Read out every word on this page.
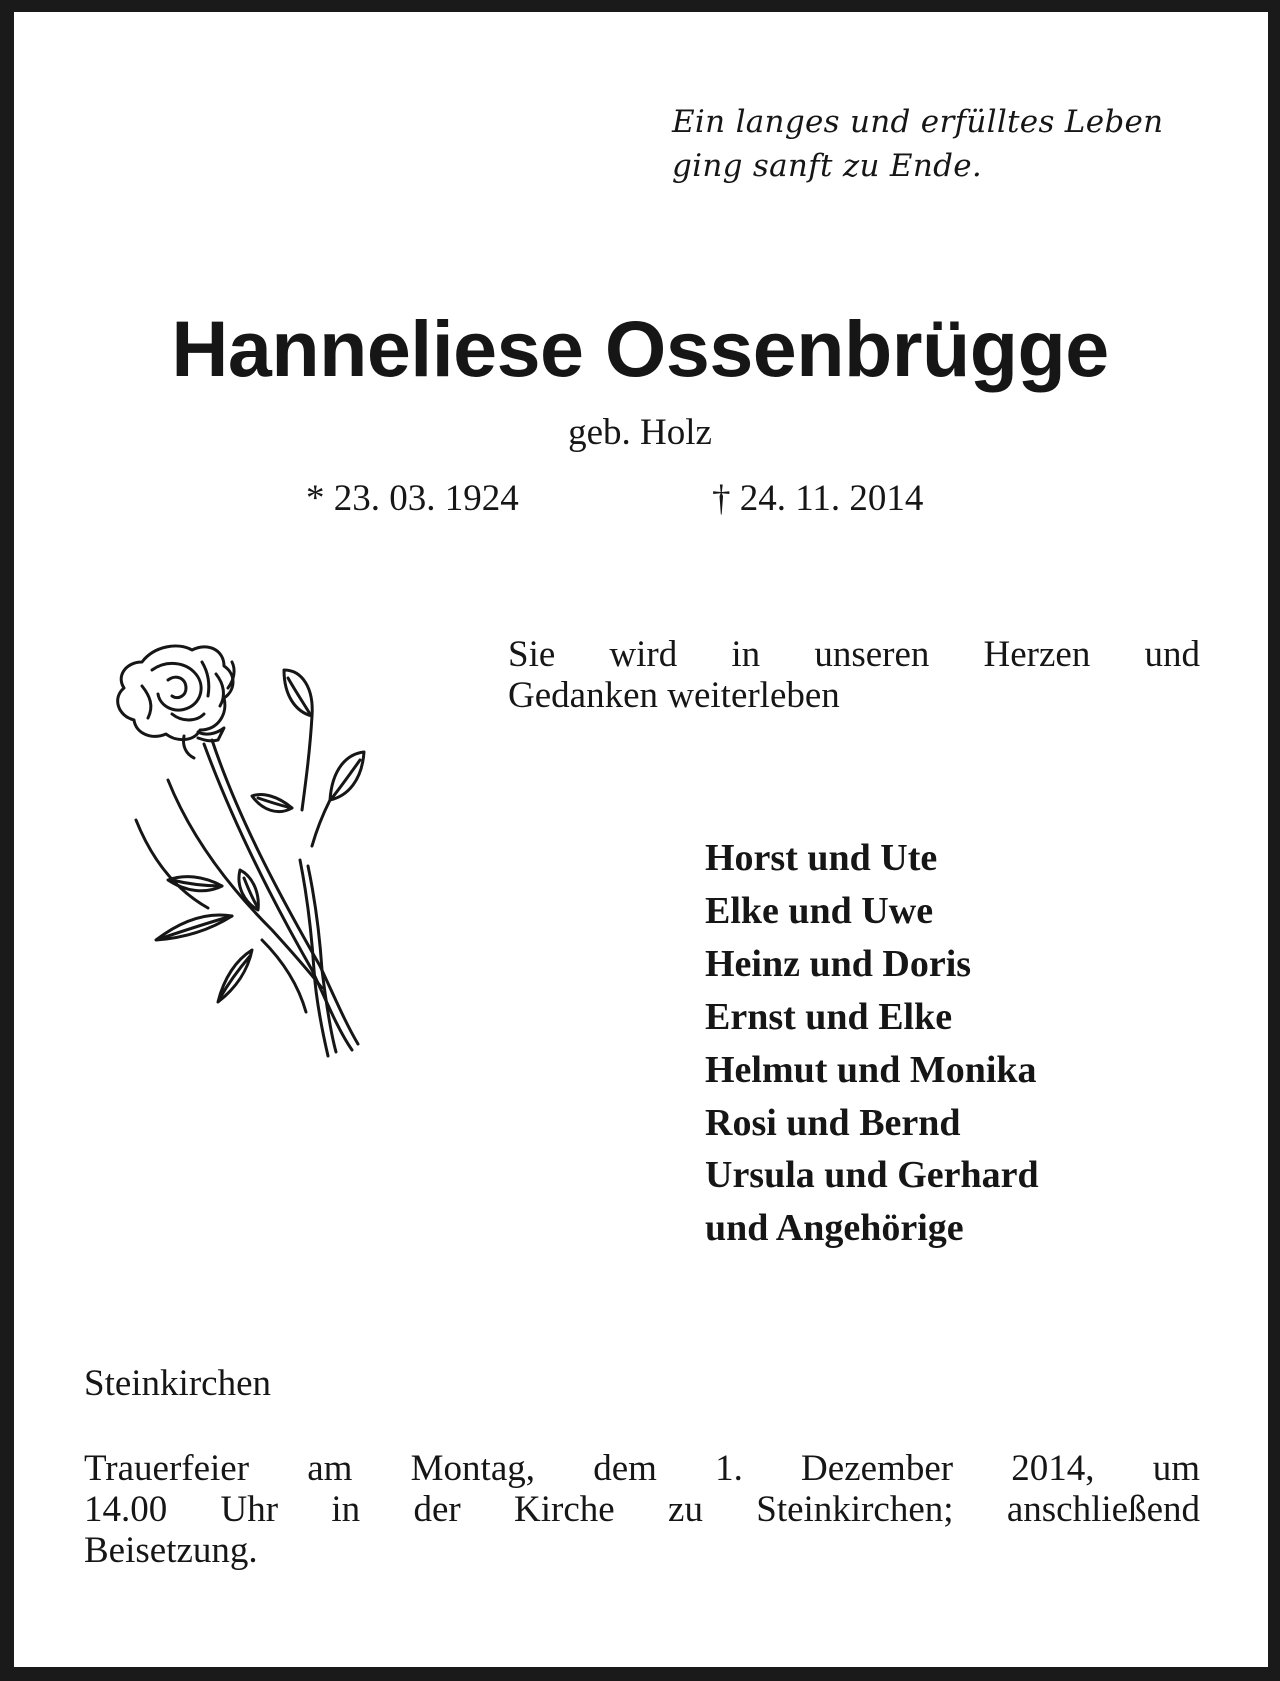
Ein langes und erfülltes Leben
ging sanft zu Ende.
Hanneliese Ossenbrügge
geb. Holz
* 23. 03. 1924	† 24. 11. 2014
Sie wird in unseren Herzen und
Gedanken weiterleben
Horst und Ute
Elke und Uwe
Heinz und Doris
Ernst und Elke
Helmut und Monika
Rosi und Bernd
Ursula und Gerhard
und Angehörige
Steinkirchen
Trauerfeier am Montag, dem 1. Dezember 2014, um
14.00 Uhr in der Kirche zu Steinkirchen; anschließend
Beisetzung.
